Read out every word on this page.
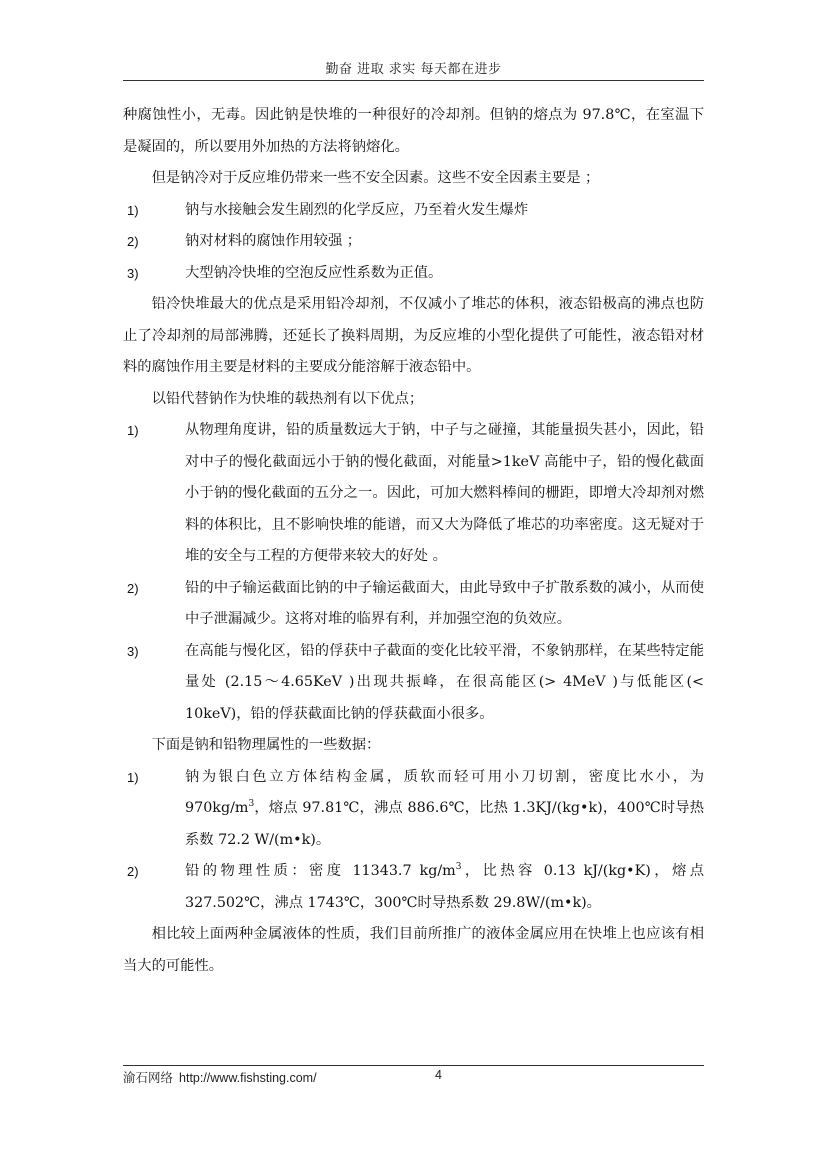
勤奋 进取 求实 每天都在进步

种腐蚀性小，无毒。因此钠是快堆的一种很好的冷却剂。但钠的熔点为 97.8℃，在室温下是凝固的，所以要用外加热的方法将钠熔化。

但是钠冷对于反应堆仍带来一些不安全因素。这些不安全因素主要是 ；

1)	钠与水接触会发生剧烈的化学反应，乃至着火发生爆炸
2)	钠对材料的腐蚀作用较强 ；
3)	大型钠冷快堆的空泡反应性系数为正值。

铅冷快堆最大的优点是采用铅冷却剂，不仅减小了堆芯的体积，液态铅极高的沸点也防止了冷却剂的局部沸腾，还延长了换料周期，为反应堆的小型化提供了可能性，液态铅对材料的腐蚀作用主要是材料的主要成分能溶解于液态铅中。

以铅代替钠作为快堆的载热剂有以下优点；

1)	从物理角度讲，铅的质量数远大于钠，中子与之碰撞，其能量损失甚小，因此，铅对中子的慢化截面远小于钠的慢化截面，对能量>1keV 高能中子，铅的慢化截面小于钠的慢化截面的五分之一。因此，可加大燃料棒间的栅距，即增大冷却剂对燃料的体积比，且不影响快堆的能谱，而又大为降低了堆芯的功率密度。这无疑对于堆的安全与工程的方便带来较大的好处 。
2)	铅的中子输运截面比钠的中子输运截面大，由此导致中子扩散系数的减小，从而使中子泄漏减少。这将对堆的临界有利，并加强空泡的负效应。
3)	在高能与慢化区，铅的俘获中子截面的变化比较平滑，不象钠那样，在某些特定能量处 (2.15～4.65KeV )出现共振峰，在很高能区(> 4MeV )与低能区(< 10keV)，铅的俘获截面比钠的俘获截面小很多。

下面是钠和铅物理属性的一些数据：

1)	钠为银白色立方体结构金属，质软而轻可用小刀切割，密度比水小，为 $970kg/m^3$，熔点 97.81℃，沸点 886.6℃，比热 1.3KJ/(kg•k)，400℃时导热系数 72.2 W/(m•k)。
2)	铅的物理性质：密度 11343.7 $kg/m^3$，比热容 0.13 kJ/(kg•K)，熔点 327.502℃，沸点 1743℃，300℃时导热系数 29.8W/(m•k)。

相比较上面两种金属液体的性质，我们目前所推广的液体金属应用在快堆上也应该有相当大的可能性。

渝石网络 http://www.fishsting.com/	4
